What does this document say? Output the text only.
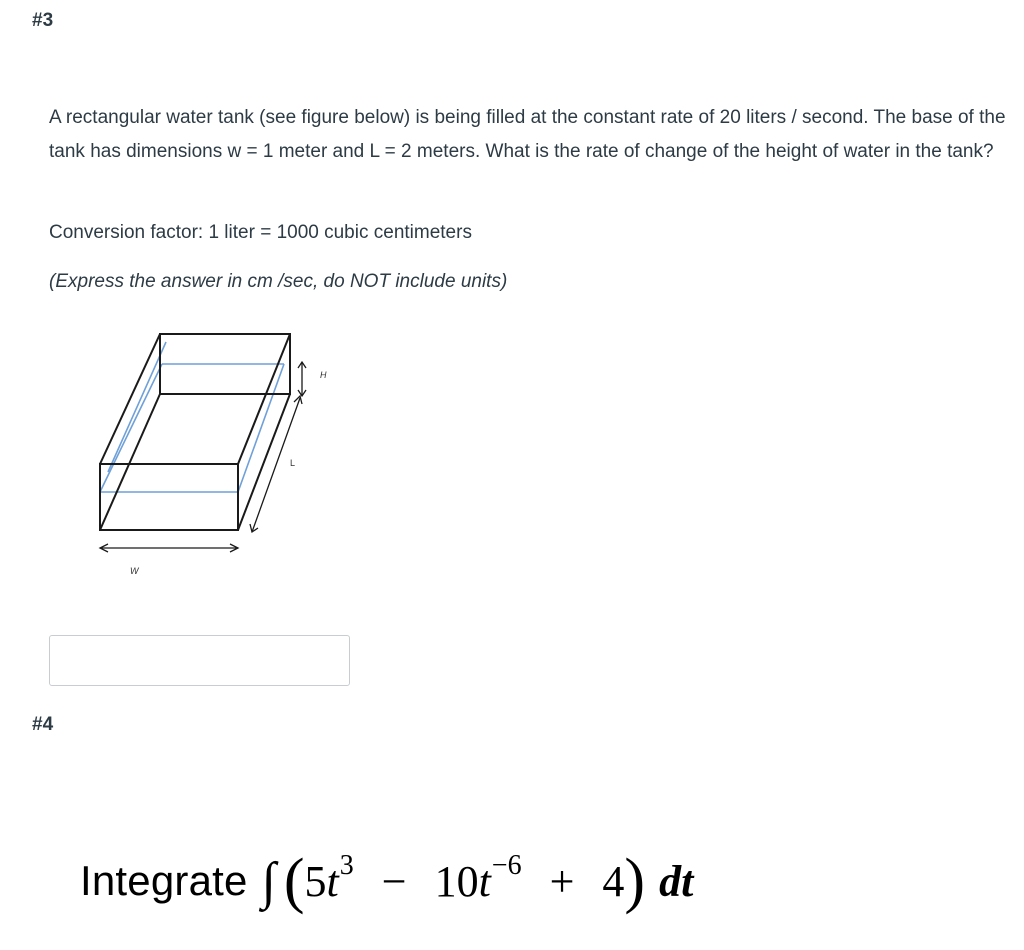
#3
A rectangular water tank (see figure below) is being filled at the constant rate of 20 liters / second. The base of the tank has dimensions w = 1 meter and L = 2 meters. What is the rate of change of the height of water in the tank?
Conversion factor: 1 liter = 1000 cubic centimeters
(Express the answer in cm /sec, do NOT include units)
H
L
W
#4
Integrate ∫ ( $5t^3 - 10t^{-6} + 4$ ) dt
